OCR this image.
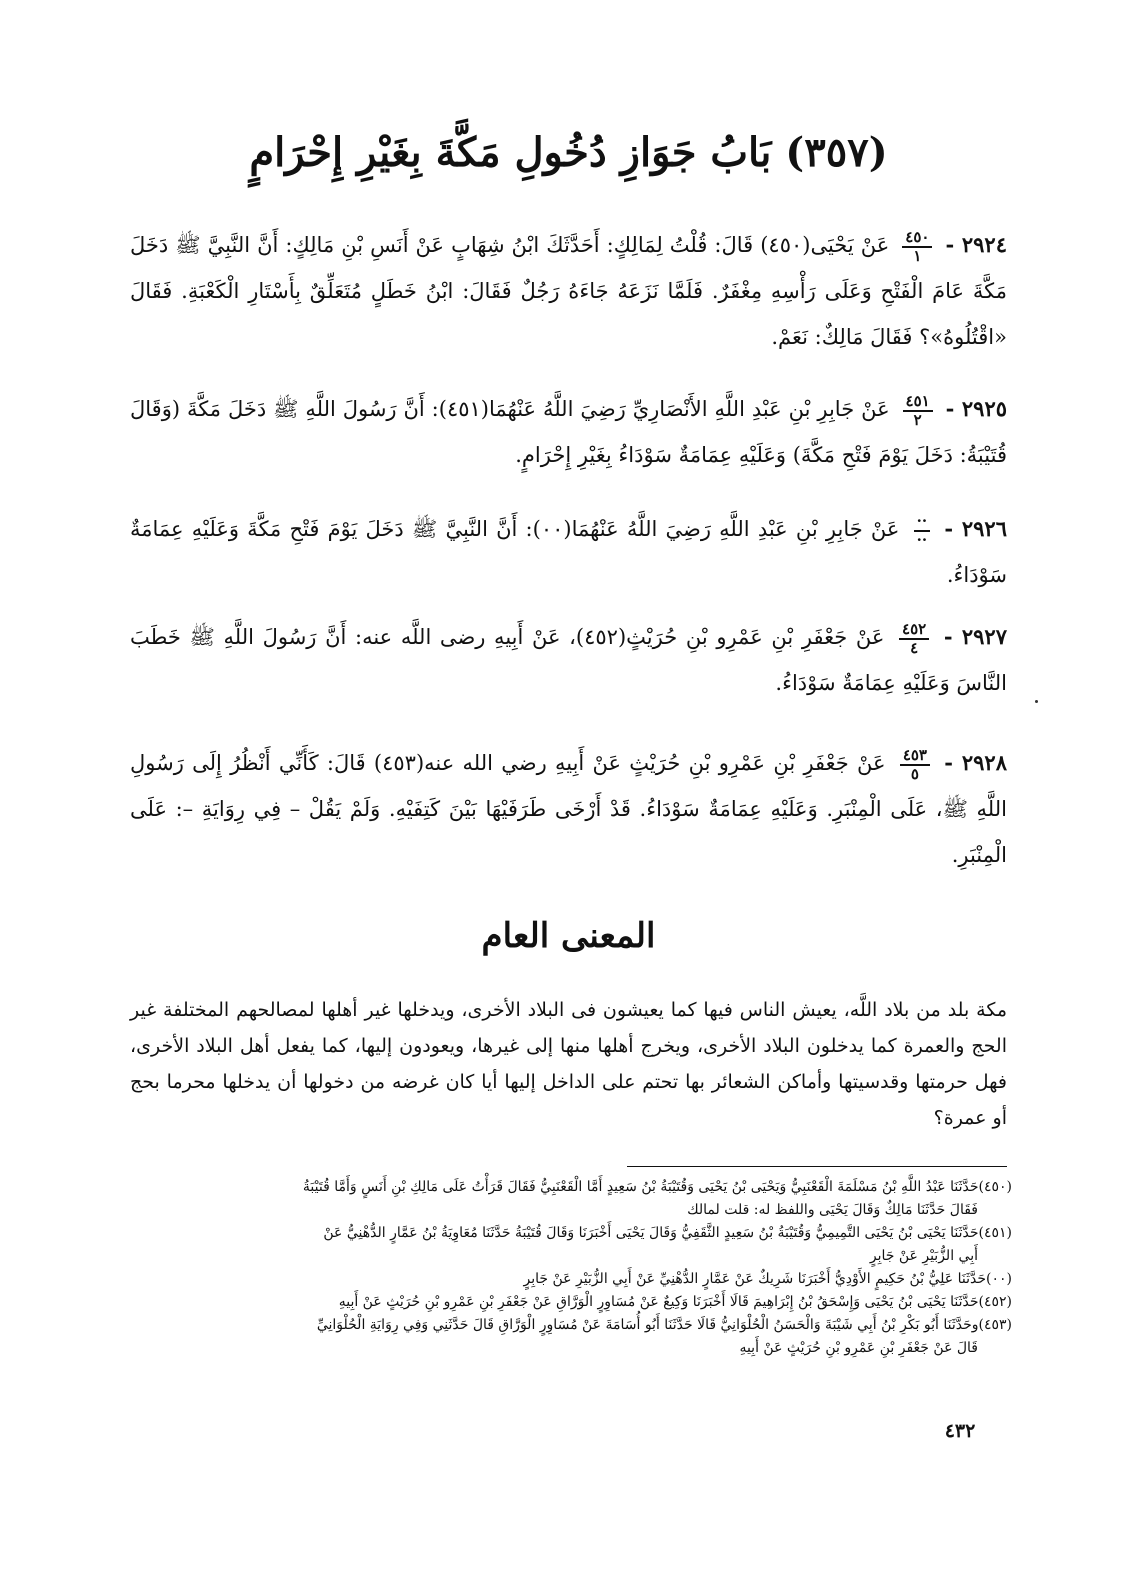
(٣٥٧) بَابُ جَوَازِ دُخُولِ مَكَّةَ بِغَيْرِ إِحْرَامٍ
٢٩٢٤ -
$\frac{٤٥٠}{١}$
عَنْ يَحْيَى(٤٥٠) قَالَ: قُلْتُ لِمَالِكٍ: أَحَدَّثَكَ ابْنُ شِهَابٍ عَنْ أَنَسِ بْنِ مَالِكٍ: أَنَّ النَّبِيَّ ﷺ دَخَلَ مَكَّةَ عَامَ الْفَتْحِ وَعَلَى رَأْسِهِ مِغْفَرٌ. فَلَمَّا نَزَعَهُ جَاءَهُ رَجُلٌ فَقَالَ: ابْنُ خَطَلٍ مُتَعَلِّقٌ بِأَسْتَارِ الْكَعْبَةِ. فَقَالَ «اقْتُلُوهُ»؟ فَقَالَ مَالِكٌ: نَعَمْ.
٢٩٢٥ -
$\frac{٤٥١}{٢}$
عَنْ جَابِرِ بْنِ عَبْدِ اللَّهِ الأَنْصَارِيِّ رَضِيَ اللَّهُ عَنْهُمَا(٤٥١): أَنَّ رَسُولَ اللَّهِ ﷺ دَخَلَ مَكَّةَ (وَقَالَ قُتَيْبَةُ: دَخَلَ يَوْمَ فَتْحِ مَكَّةَ) وَعَلَيْهِ عِمَامَةٌ سَوْدَاءُ بِغَيْرِ إِحْرَامٍ.
٢٩٢٦ -
$\frac{\cdot\cdot}{\cdot\cdot}$
عَنْ جَابِرِ بْنِ عَبْدِ اللَّهِ رَضِيَ اللَّهُ عَنْهُمَا(٠٠): أَنَّ النَّبِيَّ ﷺ دَخَلَ يَوْمَ فَتْحِ مَكَّةَ وَعَلَيْهِ عِمَامَةٌ سَوْدَاءُ.
٢٩٢٧ -
$\frac{٤٥٢}{٤}$
عَنْ جَعْفَرِ بْنِ عَمْرِو بْنِ حُرَيْثٍ(٤٥٢)، عَنْ أَبِيهِ رضى اللَّه عنه: أَنَّ رَسُولَ اللَّهِ ﷺ خَطَبَ النَّاسَ وَعَلَيْهِ عِمَامَةٌ سَوْدَاءُ.
٢٩٢٨ -
$\frac{٤٥٣}{٥}$
عَنْ جَعْفَرِ بْنِ عَمْرِو بْنِ حُرَيْثٍ عَنْ أَبِيهِ رضي الله عنه(٤٥٣) قَالَ: كَأَنِّي أَنْظُرُ إِلَى رَسُولِ اللَّهِ ﷺ، عَلَى الْمِنْبَرِ. وَعَلَيْهِ عِمَامَةٌ سَوْدَاءُ. قَدْ أَرْخَى طَرَفَيْهَا بَيْنَ كَتِفَيْهِ. وَلَمْ يَقُلْ – فِي رِوَايَةِ –: عَلَى الْمِنْبَرِ.
المعنى العام
مكة بلد من بلاد اللَّه، يعيش الناس فيها كما يعيشون فى البلاد الأخرى، ويدخلها غير أهلها لمصالحهم المختلفة غير الحج والعمرة كما يدخلون البلاد الأخرى، ويخرج أهلها منها إلى غيرها، ويعودون إليها، كما يفعل أهل البلاد الأخرى، فهل حرمتها وقدسيتها وأماكن الشعائر بها تحتم على الداخل إليها أيا كان غرضه من دخولها أن يدخلها محرما بحج أو عمرة؟

(٤٥٠)حَدَّثَنَا عَبْدُ اللَّهِ بْنُ مَسْلَمَةَ الْقَعْنَبِيُّ وَيَحْيَى بْنُ يَحْيَى وَقُتَيْبَةُ بْنُ سَعِيدٍ أَمَّا الْقَعْنَبِيُّ فَقَالَ قَرَأْتُ عَلَى مَالِكِ بْنِ أَنَسٍ وَأَمَّا قُتَيْبَةُ

فَقَالَ حَدَّثَنَا مَالِكٌ وَقَالَ يَحْيَى واللفظ له: قلت لمالك

(٤٥١)حَدَّثَنَا يَحْيَى بْنُ يَحْيَى التَّمِيمِيُّ وَقُتَيْبَةُ بْنُ سَعِيدٍ الثَّقَفِيُّ وَقَالَ يَحْيَى أَخْبَرَنَا وَقَالَ قُتَيْبَةُ حَدَّثَنَا مُعَاوِيَةُ بْنُ عَمَّارٍ الدُّهْنِيُّ عَنْ

أَبِي الزُّبَيْرِ عَنْ جَابِرٍ

(٠٠)حَدَّثَنَا عَلِيُّ بْنُ حَكِيمٍ الأَوْدِيُّ أَخْبَرَنَا شَرِيكٌ عَنْ عَمَّارٍ الدُّهْنِيِّ عَنْ أَبِي الزُّبَيْرِ عَنْ جَابِرٍ

(٤٥٢)حَدَّثَنَا يَحْيَى بْنُ يَحْيَى وَإِسْحَقُ بْنُ إِبْرَاهِيمَ قَالَا أَخْبَرَنَا وَكِيعٌ عَنْ مُسَاوِرٍ الْوَرَّاقِ عَنْ جَعْفَرِ بْنِ عَمْرِو بْنِ حُرَيْثٍ عَنْ أَبِيهِ

(٤٥٣)وحَدَّثَنَا أَبُو بَكْرِ بْنُ أَبِي شَيْبَةَ وَالْحَسَنُ الْحُلْوَانِيُّ قَالَا حَدَّثَنَا أَبُو أُسَامَةَ عَنْ مُسَاوِرٍ الْوَرَّاقِ قَالَ حَدَّثَنِي وَفِي رِوَايَةِ الْحُلْوَانِيِّ

قَالَ عَنْ جَعْفَرِ بْنِ عَمْرِو بْنِ حُرَيْثٍ عَنْ أَبِيهِ

٤٣٢
